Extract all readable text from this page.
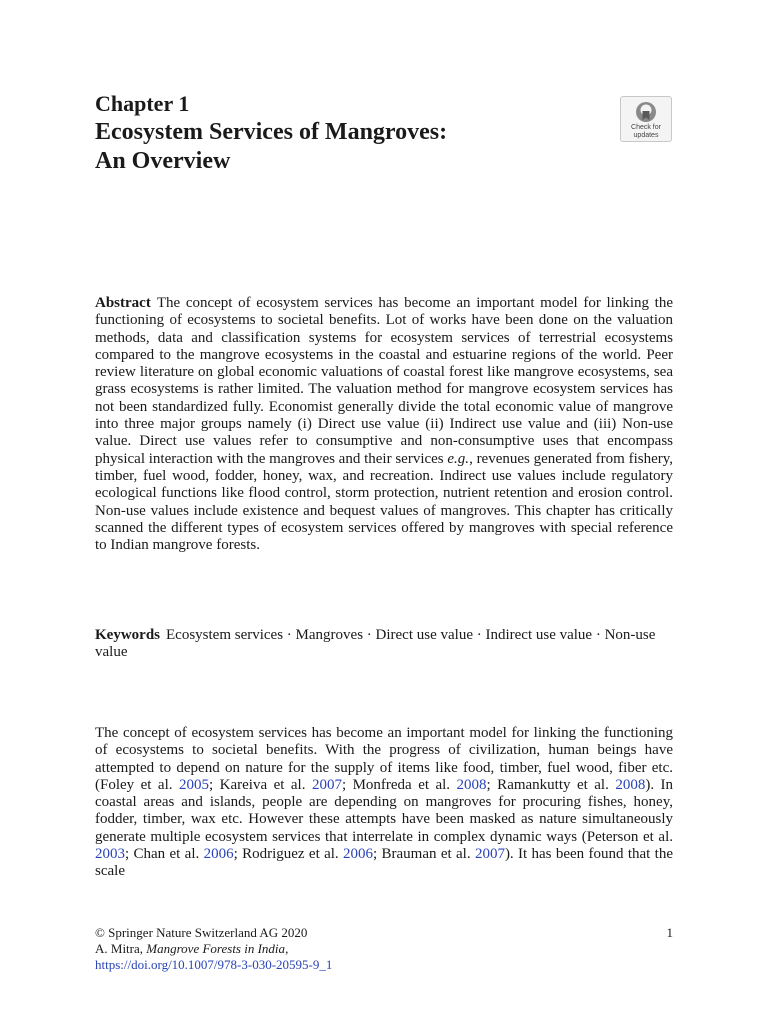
Chapter 1
Ecosystem Services of Mangroves:
An Overview
Check for
updates

Abstract The concept of ecosystem services has become an important model for linking the functioning of ecosystems to societal benefits. Lot of works have been done on the valuation methods, data and classification systems for ecosystem services of terrestrial ecosystems compared to the mangrove ecosystems in the coastal and estuarine regions of the world. Peer review literature on global economic valuations of coastal forest like mangrove ecosystems, sea grass ecosystems is rather limited. The valuation method for mangrove ecosystem services has not been standardized fully. Economist generally divide the total economic value of mangrove into three major groups namely (i) Direct use value (ii) Indirect use value and (iii) Non-use value. Direct use values refer to consumptive and non-consumptive uses that encompass physical interaction with the mangroves and their services e.g., revenues generated from fishery, timber, fuel wood, fodder, honey, wax, and recreation. Indirect use values include regulatory ecological functions like flood control, storm protection, nutrient retention and erosion control. Non-use values include existence and bequest values of mangroves. This chapter has critically scanned the different types of ecosystem services offered by mangroves with special reference to Indian mangrove forests.

Keywords Ecosystem services · Mangroves · Direct use value · Indirect use value · Non-use value

The concept of ecosystem services has become an important model for linking the functioning of ecosystems to societal benefits. With the progress of civilization, human beings have attempted to depend on nature for the supply of items like food, timber, fuel wood, fiber etc. (Foley et al. 2005; Kareiva et al. 2007; Monfreda et al. 2008; Ramankutty et al. 2008). In coastal areas and islands, people are depending on mangroves for procuring fishes, honey, fodder, timber, wax etc. However these attempts have been masked as nature simultaneously generate multiple ecosystem services that interrelate in complex dynamic ways (Peterson et al. 2003; Chan et al. 2006; Rodriguez et al. 2006; Brauman et al. 2007). It has been found that the scale

© Springer Nature Switzerland AG 2020
A. Mitra, Mangrove Forests in India,
https://doi.org/10.1007/978-3-030-20595-9_1
1
